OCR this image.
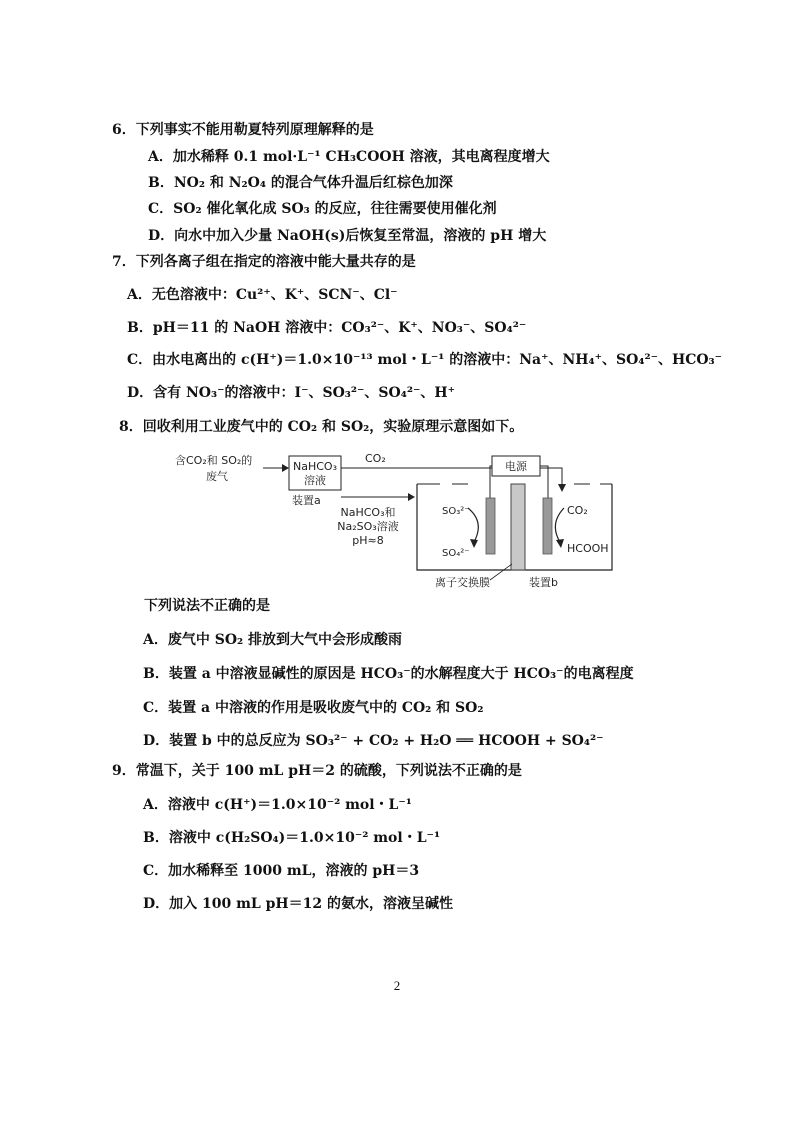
6．下列事实不能用勒夏特列原理解释的是
A．加水稀释 0.1 mol·L⁻¹ CH₃COOH 溶液，其电离程度增大
B．NO₂ 和 N₂O₄ 的混合气体升温后红棕色加深
C．SO₂ 催化氧化成 SO₃ 的反应，往往需要使用催化剂
D．向水中加入少量 NaOH(s)后恢复至常温，溶液的 pH 增大
7．下列各离子组在指定的溶液中能大量共存的是
A．无色溶液中：Cu²⁺、K⁺、SCN⁻、Cl⁻
B．pH＝11 的 NaOH 溶液中：CO₃²⁻、K⁺、NO₃⁻、SO₄²⁻
C．由水电离出的 c(H⁺)＝1.0×10⁻¹³ mol・L⁻¹ 的溶液中：Na⁺、NH₄⁺、SO₄²⁻、HCO₃⁻
D．含有 NO₃⁻的溶液中：I⁻、SO₃²⁻、SO₄²⁻、H⁺
8．回收利用工业废气中的 CO₂ 和 SO₂，实验原理示意图如下。
含CO₂和 SO₂的
废气
NaHCO₃
溶液
装置a
CO₂
NaHCO₃和
Na₂SO₃溶液
pH≈8
电源
SO₃²⁻
SO₄²⁻
CO₂
HCOOH
离子交换膜	装置b
下列说法不正确的是
A．废气中 SO₂ 排放到大气中会形成酸雨
B．装置 a 中溶液显碱性的原因是 HCO₃⁻的水解程度大于 HCO₃⁻的电离程度
C．装置 a 中溶液的作用是吸收废气中的 CO₂ 和 SO₂
D．装置 b 中的总反应为 SO₃²⁻ + CO₂ + H₂O ══ HCOOH + SO₄²⁻
9．常温下，关于 100 mL pH＝2 的硫酸，下列说法不正确的是
A．溶液中 c(H⁺)＝1.0×10⁻² mol・L⁻¹
B．溶液中 c(H₂SO₄)＝1.0×10⁻² mol・L⁻¹
C．加水稀释至 1000 mL，溶液的 pH＝3
D．加入 100 mL pH＝12 的氨水，溶液呈碱性
2
